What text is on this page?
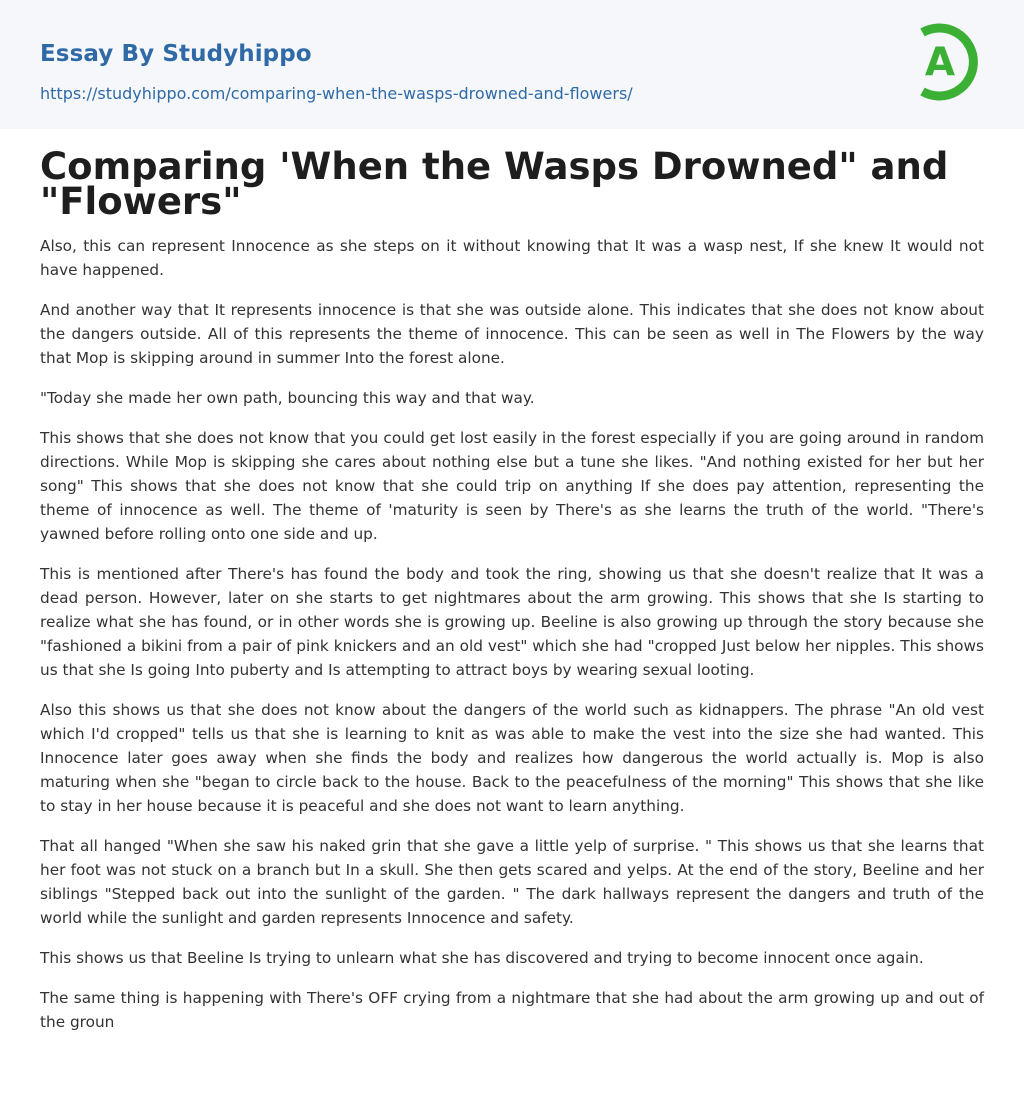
Essay By Studyhippo
https://studyhippo.com/comparing-when-the-wasps-drowned-and-flowers/
A
Comparing 'When the Wasps Drowned" and "Flowers"

Also, this can represent Innocence as she steps on it without knowing that It was a wasp nest, If she knew It would not have happened.

And another way that It represents innocence is that she was outside alone. This indicates that she does not know about the dangers outside. All of this represents the theme of innocence. This can be seen as well in The Flowers by the way that Mop is skipping around in summer Into the forest alone.

"Today she made her own path, bouncing this way and that way.

This shows that she does not know that you could get lost easily in the forest especially if you are going around in random directions. While Mop is skipping she cares about nothing else but a tune she likes. "And nothing existed for her but her song" This shows that she does not know that she could trip on anything If she does pay attention, representing the theme of innocence as well. The theme of 'maturity is seen by There's as she learns the truth of the world. "There's yawned before rolling onto one side and up.

This is mentioned after There's has found the body and took the ring, showing us that she doesn't realize that It was a dead person. However, later on she starts to get nightmares about the arm growing. This shows that she Is starting to realize what she has found, or in other words she is growing up. Beeline is also growing up through the story because she "fashioned a bikini from a pair of pink knickers and an old vest" which she had "cropped Just below her nipples. This shows us that she Is going Into puberty and Is attempting to attract boys by wearing sexual looting.

Also this shows us that she does not know about the dangers of the world such as kidnappers. The phrase "An old vest which I'd cropped" tells us that she is learning to knit as was able to make the vest into the size she had wanted. This Innocence later goes away when she finds the body and realizes how dangerous the world actually is. Mop is also maturing when she "began to circle back to the house. Back to the peacefulness of the morning" This shows that she like to stay in her house because it is peaceful and she does not want to learn anything.

That all hanged "When she saw his naked grin that she gave a little yelp of surprise. " This shows us that she learns that her foot was not stuck on a branch but In a skull. She then gets scared and yelps. At the end of the story, Beeline and her siblings "Stepped back out into the sunlight of the garden. " The dark hallways represent the dangers and truth of the world while the sunlight and garden represents Innocence and safety.

This shows us that Beeline Is trying to unlearn what she has discovered and trying to become innocent once again.

The same thing is happening with There's OFF crying from a nightmare that she had about the arm growing up and out of the groun
